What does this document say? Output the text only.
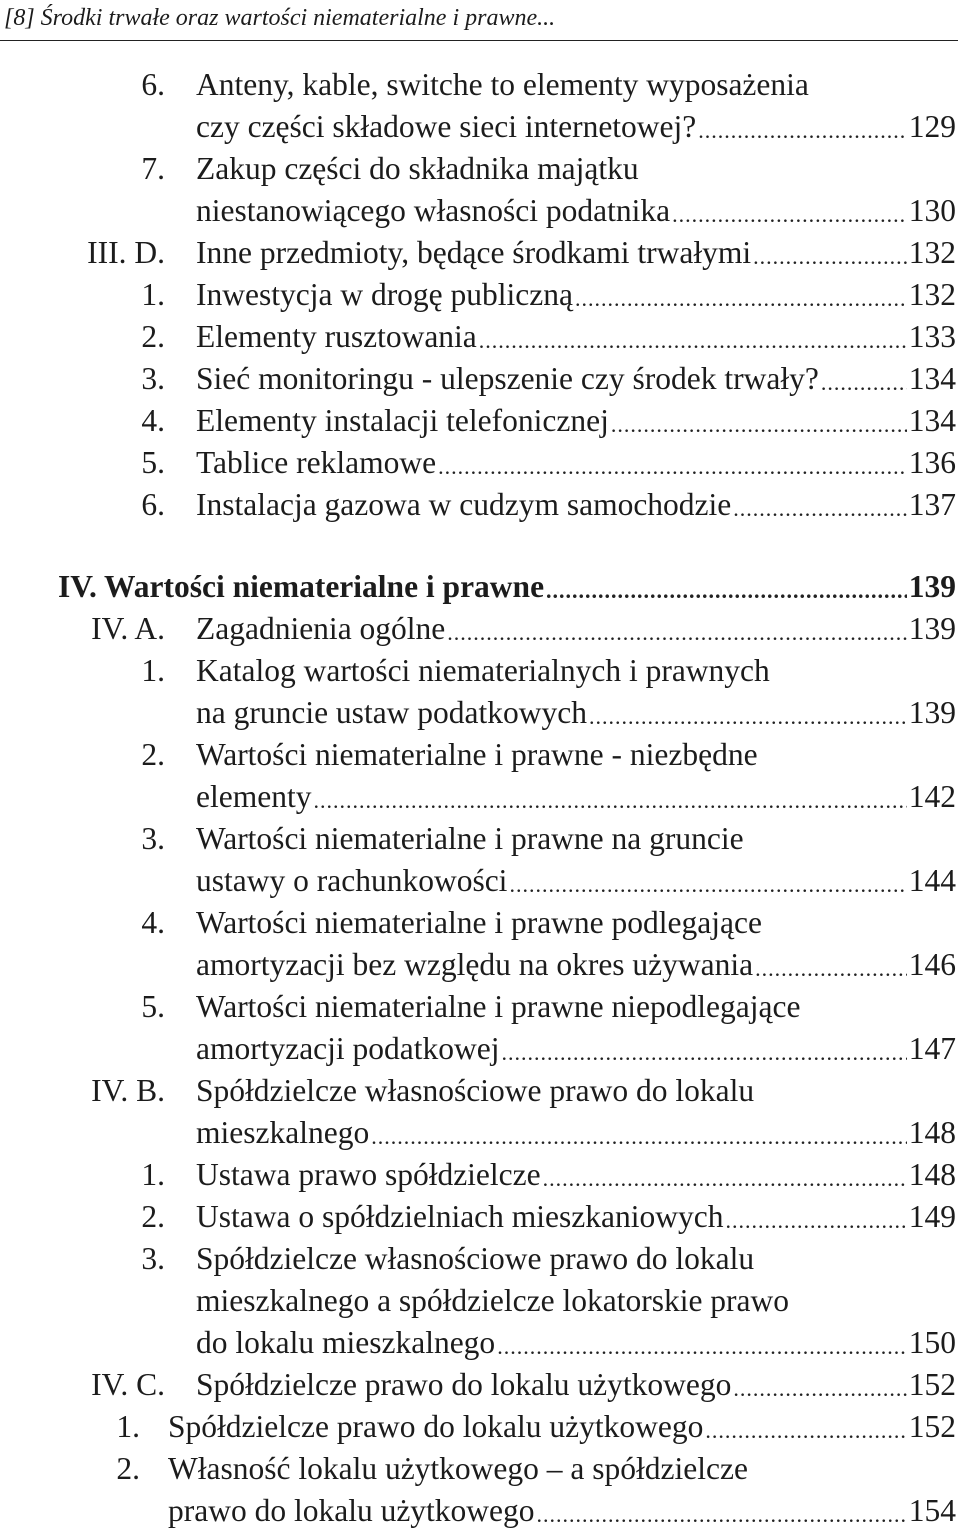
[8] Środki trwałe oraz wartości niematerialne i prawne...
6. Anteny, kable, switche to elementy wyposażenia
czy części składowe sieci internetowej? .....	129
7. Zakup części do składnika majątku
niestanowiącego własności podatnika .....	130
III. D. Inne przedmioty, będące środkami trwałymi .....	132
1. Inwestycja w drogę publiczną .....	132
2. Elementy rusztowania .....	133
3. Sieć monitoringu - ulepszenie czy środek trwały? .....	134
4. Elementy instalacji telefonicznej .....	134
5. Tablice reklamowe .....	136
6. Instalacja gazowa w cudzym samochodzie .....	137
IV. Wartości niematerialne i prawne .....	139
IV. A. Zagadnienia ogólne .....	139
1. Katalog wartości niematerialnych i prawnych
na gruncie ustaw podatkowych .....	139
2. Wartości niematerialne i prawne - niezbędne
elementy .....	142
3. Wartości niematerialne i prawne na gruncie
ustawy o rachunkowości .....	144
4. Wartości niematerialne i prawne podlegające
amortyzacji bez względu na okres używania .....	146
5. Wartości niematerialne i prawne niepodlegające
amortyzacji podatkowej .....	147
IV. B. Spółdzielcze własnościowe prawo do lokalu
mieszkalnego .....	148
1. Ustawa prawo spółdzielcze .....	148
2. Ustawa o spółdzielniach mieszkaniowych .....	149
3. Spółdzielcze własnościowe prawo do lokalu
mieszkalnego a spółdzielcze lokatorskie prawo
do lokalu mieszkalnego .....	150
IV. C. Spółdzielcze prawo do lokalu użytkowego .....	152
1. Spółdzielcze prawo do lokalu użytkowego .....	152
2. Własność lokalu użytkowego – a spółdzielcze
prawo do lokalu użytkowego .....	154
